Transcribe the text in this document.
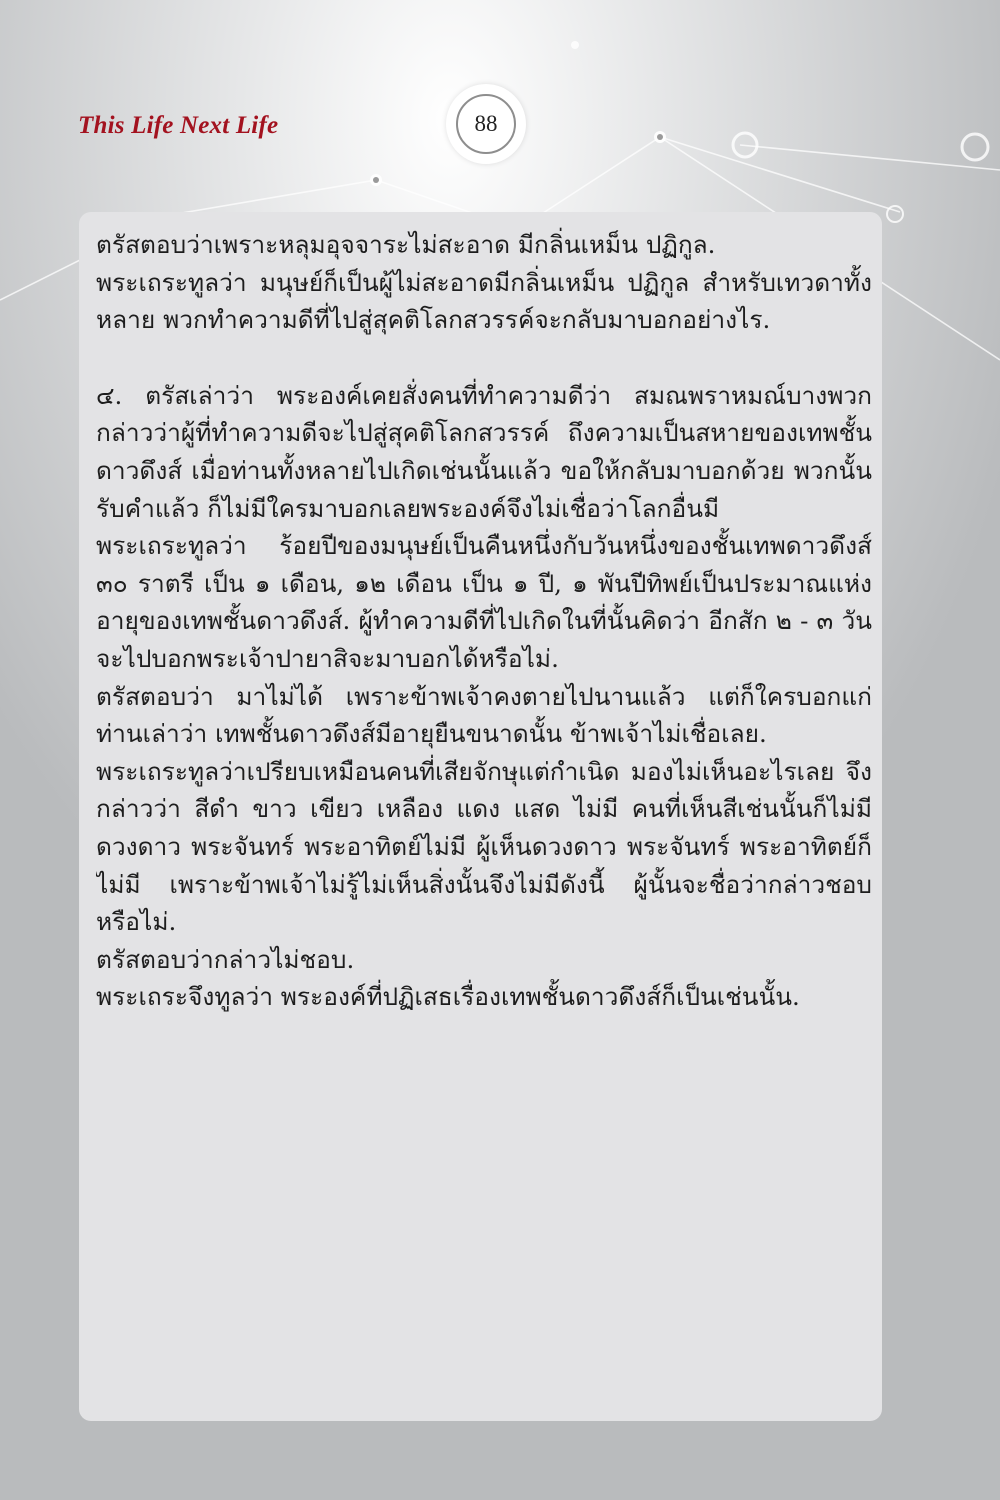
This Life Next Life	88

ตรัสตอบว่าเพราะหลุมอุจจาระไม่สะอาด มีกลิ่นเหม็น ปฏิกูล.

พระเถระทูลว่า มนุษย์ก็เป็นผู้ไม่สะอาดมีกลิ่นเหม็น ปฏิกูล สำหรับเทวดาทั้งหลาย พวกทำความดีที่ไปสู่สุคติโลกสวรรค์จะกลับมาบอกอย่างไร.

๔. ตรัสเล่าว่า พระองค์เคยสั่งคนที่ทำความดีว่า สมณพราหมณ์บางพวกกล่าวว่าผู้ที่ทำความดีจะไปสู่สุคติโลกสวรรค์ ถึงความเป็นสหายของเทพชั้นดาวดึงส์ เมื่อท่านทั้งหลายไปเกิดเช่นนั้นแล้ว ขอให้กลับมาบอกด้วย พวกนั้นรับคำแล้ว ก็ไม่มีใครมาบอกเลยพระองค์จึงไม่เชื่อว่าโลกอื่นมี

พระเถระทูลว่า ร้อยปีของมนุษย์เป็นคืนหนึ่งกับวันหนึ่งของชั้นเทพดาวดึงส์ ๓๐ ราตรี เป็น ๑ เดือน, ๑๒ เดือน เป็น ๑ ปี, ๑ พันปีทิพย์เป็นประมาณแห่งอายุของเทพชั้นดาวดึงส์. ผู้ทำความดีที่ไปเกิดในที่นั้นคิดว่า อีกสัก ๒ - ๓ วัน จะไปบอกพระเจ้าปายาสิจะมาบอกได้หรือไม่.

ตรัสตอบว่า มาไม่ได้ เพราะข้าพเจ้าคงตายไปนานแล้ว แต่ก็ใครบอกแก่ท่านเล่าว่า เทพชั้นดาวดึงส์มีอายุยืนขนาดนั้น ข้าพเจ้าไม่เชื่อเลย.

พระเถระทูลว่าเปรียบเหมือนคนที่เสียจักษุแต่กำเนิด มองไม่เห็นอะไรเลย จึงกล่าวว่า สีดำ ขาว เขียว เหลือง แดง แสด ไม่มี คนที่เห็นสีเช่นนั้นก็ไม่มี ดวงดาว พระจันทร์ พระอาทิตย์ไม่มี ผู้เห็นดวงดาว พระจันทร์ พระอาทิตย์ก็ไม่มี เพราะข้าพเจ้าไม่รู้ไม่เห็นสิ่งนั้นจึงไม่มีดังนี้ ผู้นั้นจะชื่อว่ากล่าวชอบหรือไม่.

ตรัสตอบว่ากล่าวไม่ชอบ.

พระเถระจึงทูลว่า พระองค์ที่ปฏิเสธเรื่องเทพชั้นดาวดึงส์ก็เป็นเช่นนั้น.
